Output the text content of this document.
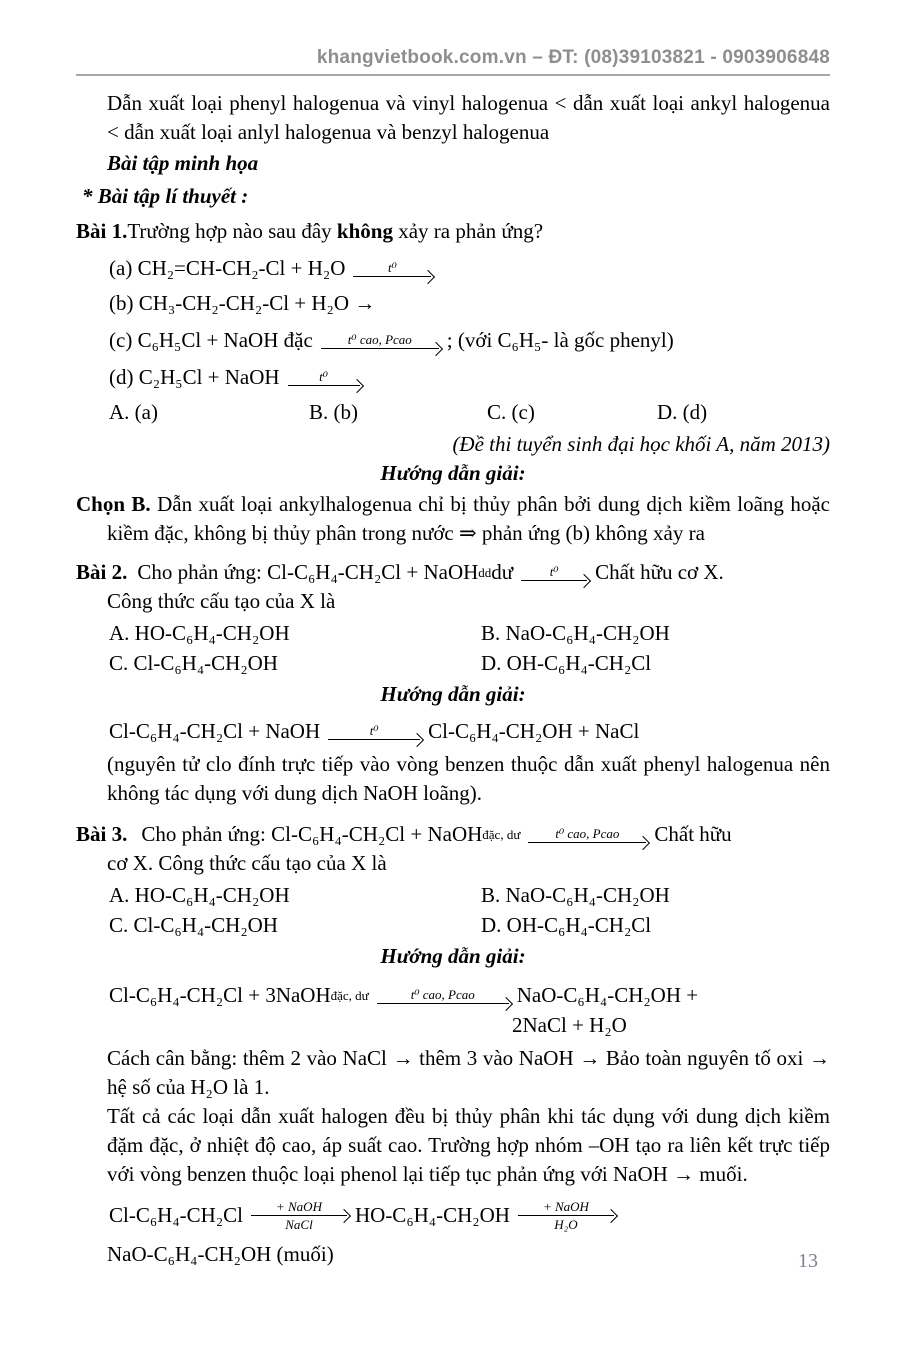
khangvietbook.com.vn – ĐT: (08)39103821 - 0903906848

Dẫn xuất loại phenyl halogenua và vinyl halogenua < dẫn xuất loại ankyl halogenua < dẫn xuất loại anlyl halogenua và benzyl halogenua

Bài tập minh họa

* Bài tập lí thuyết :

Bài 1.Trường hợp nào sau đây không xảy ra phản ứng?

(a)
CH₂=CH-CH₂-Cl + H₂O	t⁰
(b)
CH₃-CH₂-CH₂-Cl + H₂O →
(c)
C₆H₅Cl + NaOH đặc	t⁰ cao, Pcao ; (với C₆H₅- là gốc phenyl)
(d)
C₂H₅Cl + NaOH	t⁰
A. (a)	B. (b)	C. (c)	D. (d)

(Đề thi tuyển sinh đại học khối A, năm 2013)

Hướng dẫn giải:

Chọn B. Dẫn xuất loại ankylhalogenua chỉ bị thủy phân bởi dung dịch kiềm loãng hoặc kiềm đặc, không bị thủy phân trong nước ⇒ phản ứng (b) không xảy ra

Bài 2. Cho phản ứng: Cl-C₆H₄-CH₂Cl + NaOH dd dư	t⁰ Chất hữu cơ X.

Công thức cấu tạo của X là

A. HO-C₆H₄-CH₂OH	B. NaO-C₆H₄-CH₂OH
C. Cl-C₆H₄-CH₂OH	D. OH-C₆H₄-CH₂Cl

Hướng dẫn giải:

Cl-C₆H₄-CH₂Cl + NaOH	t⁰ Cl-C₆H₄-CH₂OH + NaCl

(nguyên tử clo đính trực tiếp vào vòng benzen thuộc dẫn xuất phenyl halogenua nên không tác dụng với dung dịch NaOH loãng).

Bài 3. Cho phản ứng: Cl-C₆H₄-CH₂Cl + NaOH đặc, dư	t⁰ cao, Pcao Chất hữu

cơ X. Công thức cấu tạo của X là

A. HO-C₆H₄-CH₂OH	B. NaO-C₆H₄-CH₂OH
C. Cl-C₆H₄-CH₂OH	D. OH-C₆H₄-CH₂Cl

Hướng dẫn giải:

Cl-C₆H₄-CH₂Cl + 3NaOH đặc, dư	t⁰ cao, Pcao NaO-C₆H₄-CH₂OH +

2NaCl + H₂O

Cách cân bằng: thêm 2 vào NaCl → thêm 3 vào NaOH → Bảo toàn nguyên tố oxi → hệ số của H₂O là 1.

Tất cả các loại dẫn xuất halogen đều bị thủy phân khi tác dụng với dung dịch kiềm đặm đặc, ở nhiệt độ cao, áp suất cao. Trường hợp nhóm –OH tạo ra liên kết trực tiếp với vòng benzen thuộc loại phenol lại tiếp tục phản ứng với NaOH → muối.

Cl-C₆H₄-CH₂Cl	+ NaOH
NaCl HO-C₆H₄-CH₂OH	+ NaOH
H₂O

NaO-C₆H₄-CH₂OH (muối)	13
